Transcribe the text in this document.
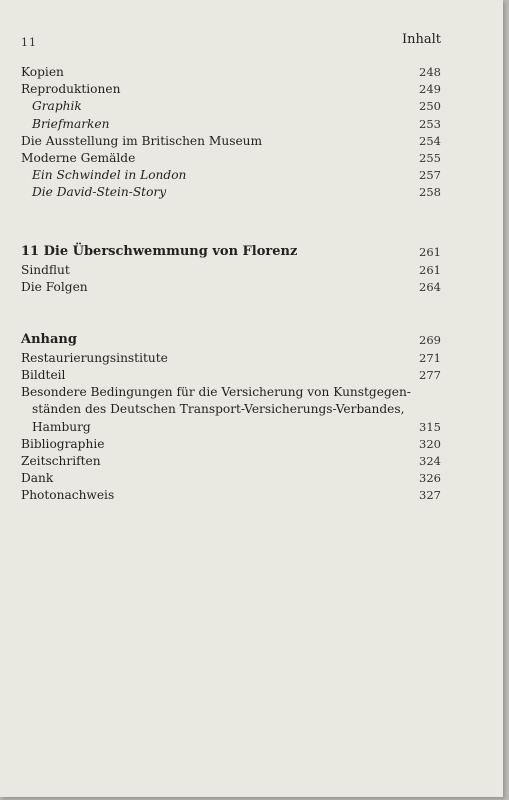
11	Inhalt
Kopien	248
Reproduktionen	249
Graphik	250
Briefmarken	253
Die Ausstellung im Britischen Museum	254
Moderne Gemälde	255
Ein Schwindel in London	257
Die David-Stein-Story	258
11 Die Überschwemmung von Florenz	261
Sindflut	261
Die Folgen	264
Anhang	269
Restaurierungsinstitute	271
Bildteil	277
Besondere Bedingungen für die Versicherung von Kunstgegen-
ständen des Deutschen Transport-Versicherungs-Verbandes,
Hamburg	315
Bibliographie	320
Zeitschriften	324
Dank	326
Photonachweis	327
